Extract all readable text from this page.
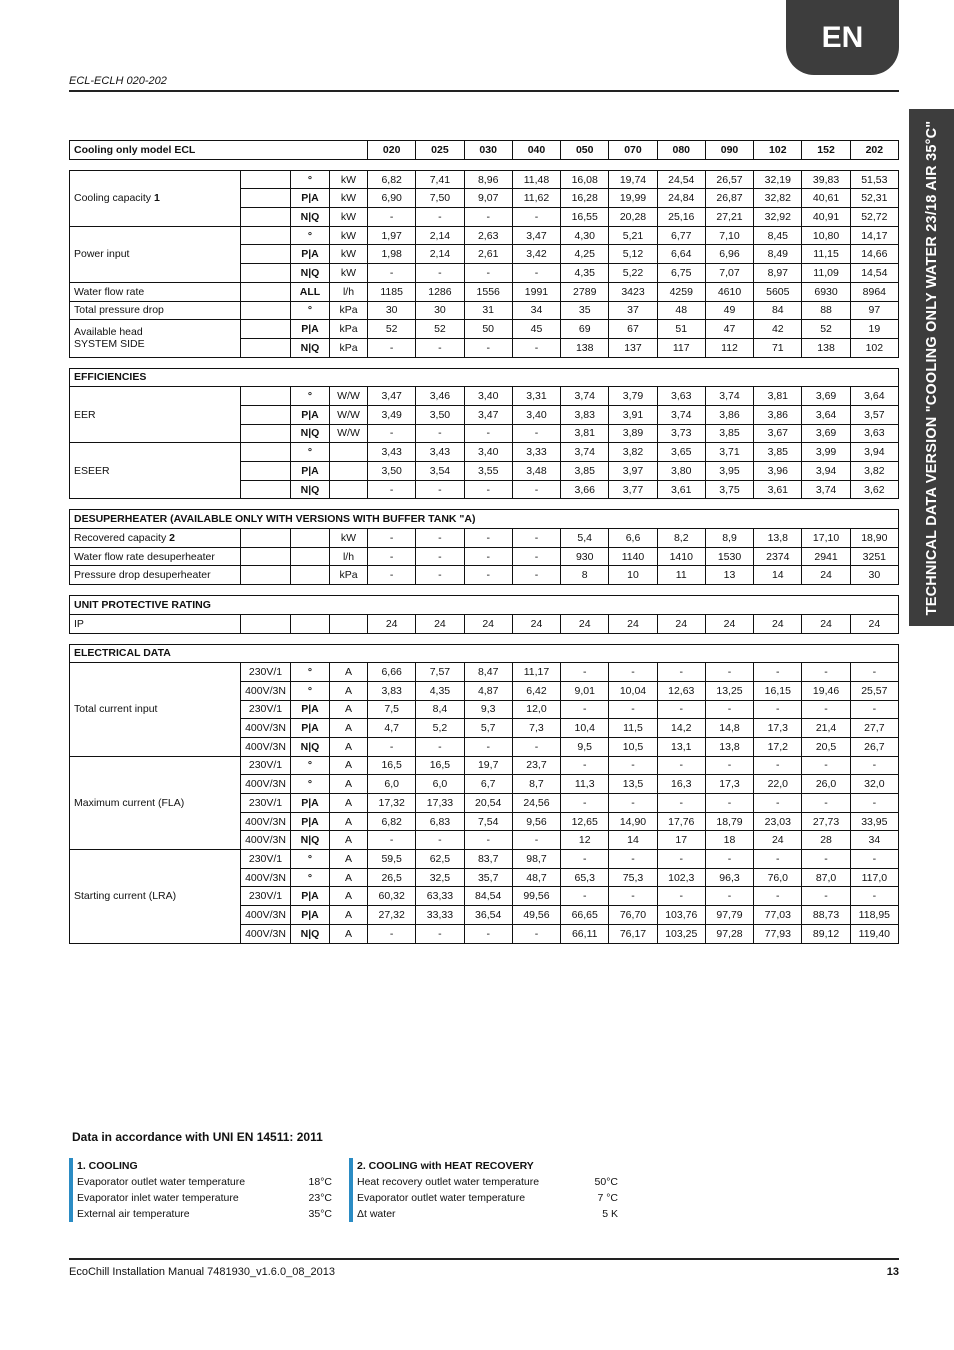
EN
ECL-ECLH 020-202
TECHNICAL DATA VERSION "COOLING ONLY WATER 23/18 AIR 35°C"
Cooling only model ECL				020	025	030	040	050	070	080	090	102	152	202

Cooling capacity 1		°	kW	6,82	7,41	8,96	11,48	16,08	19,74	24,54	26,57	32,19	39,83	51,53
		P|A	kW	6,90	7,50	9,07	11,62	16,28	19,99	24,84	26,87	32,82	40,61	52,31
		N|Q	kW	-	-	-	-	16,55	20,28	25,16	27,21	32,92	40,91	52,72
Power input		°	kW	1,97	2,14	2,63	3,47	4,30	5,21	6,77	7,10	8,45	10,80	14,17
		P|A	kW	1,98	2,14	2,61	3,42	4,25	5,12	6,64	6,96	8,49	11,15	14,66
		N|Q	kW	-	-	-	-	4,35	5,22	6,75	7,07	8,97	11,09	14,54
Water flow rate		ALL	l/h	1185	1286	1556	1991	2789	3423	4259	4610	5605	6930	8964
Total pressure drop		°	kPa	30	30	31	34	35	37	48	49	84	88	97
Available head
SYSTEM SIDE		P|A	kPa	52	52	50	45	69	67	51	47	42	52	19
		N|Q	kPa	-	-	-	-	138	137	117	112	71	138	102

EFFICIENCIES														
EER		°	W/W	3,47	3,46	3,40	3,31	3,74	3,79	3,63	3,74	3,81	3,69	3,64
		P|A	W/W	3,49	3,50	3,47	3,40	3,83	3,91	3,74	3,86	3,86	3,64	3,57
		N|Q	W/W	-	-	-	-	3,81	3,89	3,73	3,85	3,67	3,69	3,63
ESEER		°		3,43	3,43	3,40	3,33	3,74	3,82	3,65	3,71	3,85	3,99	3,94
		P|A		3,50	3,54	3,55	3,48	3,85	3,97	3,80	3,95	3,96	3,94	3,82
		N|Q		-	-	-	-	3,66	3,77	3,61	3,75	3,61	3,74	3,62

DESUPERHEATER (AVAILABLE ONLY WITH VERSIONS WITH BUFFER TANK "A)														
Recovered capacity 2			kW	-	-	-	-	5,4	6,6	8,2	8,9	13,8	17,10	18,90
Water flow rate desuperheater			l/h	-	-	-	-	930	1140	1410	1530	2374	2941	3251
Pressure drop desuperheater			kPa	-	-	-	-	8	10	11	13	14	24	30

UNIT PROTECTIVE RATING														
IP				24	24	24	24	24	24	24	24	24	24	24

ELECTRICAL DATA														
Total current input	230V/1	°	A	6,66	7,57	8,47	11,17	-	-	-	-	-	-	-
	400V/3N	°	A	3,83	4,35	4,87	6,42	9,01	10,04	12,63	13,25	16,15	19,46	25,57
	230V/1	P|A	A	7,5	8,4	9,3	12,0	-	-	-	-	-	-	-
	400V/3N	P|A	A	4,7	5,2	5,7	7,3	10,4	11,5	14,2	14,8	17,3	21,4	27,7
	400V/3N	N|Q	A	-	-	-	-	9,5	10,5	13,1	13,8	17,2	20,5	26,7
Maximum current (FLA)	230V/1	°	A	16,5	16,5	19,7	23,7	-	-	-	-	-	-	-
	400V/3N	°	A	6,0	6,0	6,7	8,7	11,3	13,5	16,3	17,3	22,0	26,0	32,0
	230V/1	P|A	A	17,32	17,33	20,54	24,56	-	-	-	-	-	-	-
	400V/3N	P|A	A	6,82	6,83	7,54	9,56	12,65	14,90	17,76	18,79	23,03	27,73	33,95
	400V/3N	N|Q	A	-	-	-	-	12	14	17	18	24	28	34
Starting current (LRA)	230V/1	°	A	59,5	62,5	83,7	98,7	-	-	-	-	-	-	-
	400V/3N	°	A	26,5	32,5	35,7	48,7	65,3	75,3	102,3	96,3	76,0	87,0	117,0
	230V/1	P|A	A	60,32	63,33	84,54	99,56	-	-	-	-	-	-	-
	400V/3N	P|A	A	27,32	33,33	36,54	49,56	66,65	76,70	103,76	97,79	77,03	88,73	118,95
	400V/3N	N|Q	A	-	-	-	-	66,11	76,17	103,25	97,28	77,93	89,12	119,40
Data in accordance with UNI EN 14511: 2011
1. COOLING
Evaporator outlet water temperature	18°C
Evaporator inlet water temperature	23°C
External air temperature	35°C
2. COOLING with HEAT RECOVERY
Heat recovery outlet water temperature	50°C
Evaporator outlet water temperature	7 °C
Δt water	5 K
EcoChill Installation Manual 7481930_v1.6.0_08_2013	13
